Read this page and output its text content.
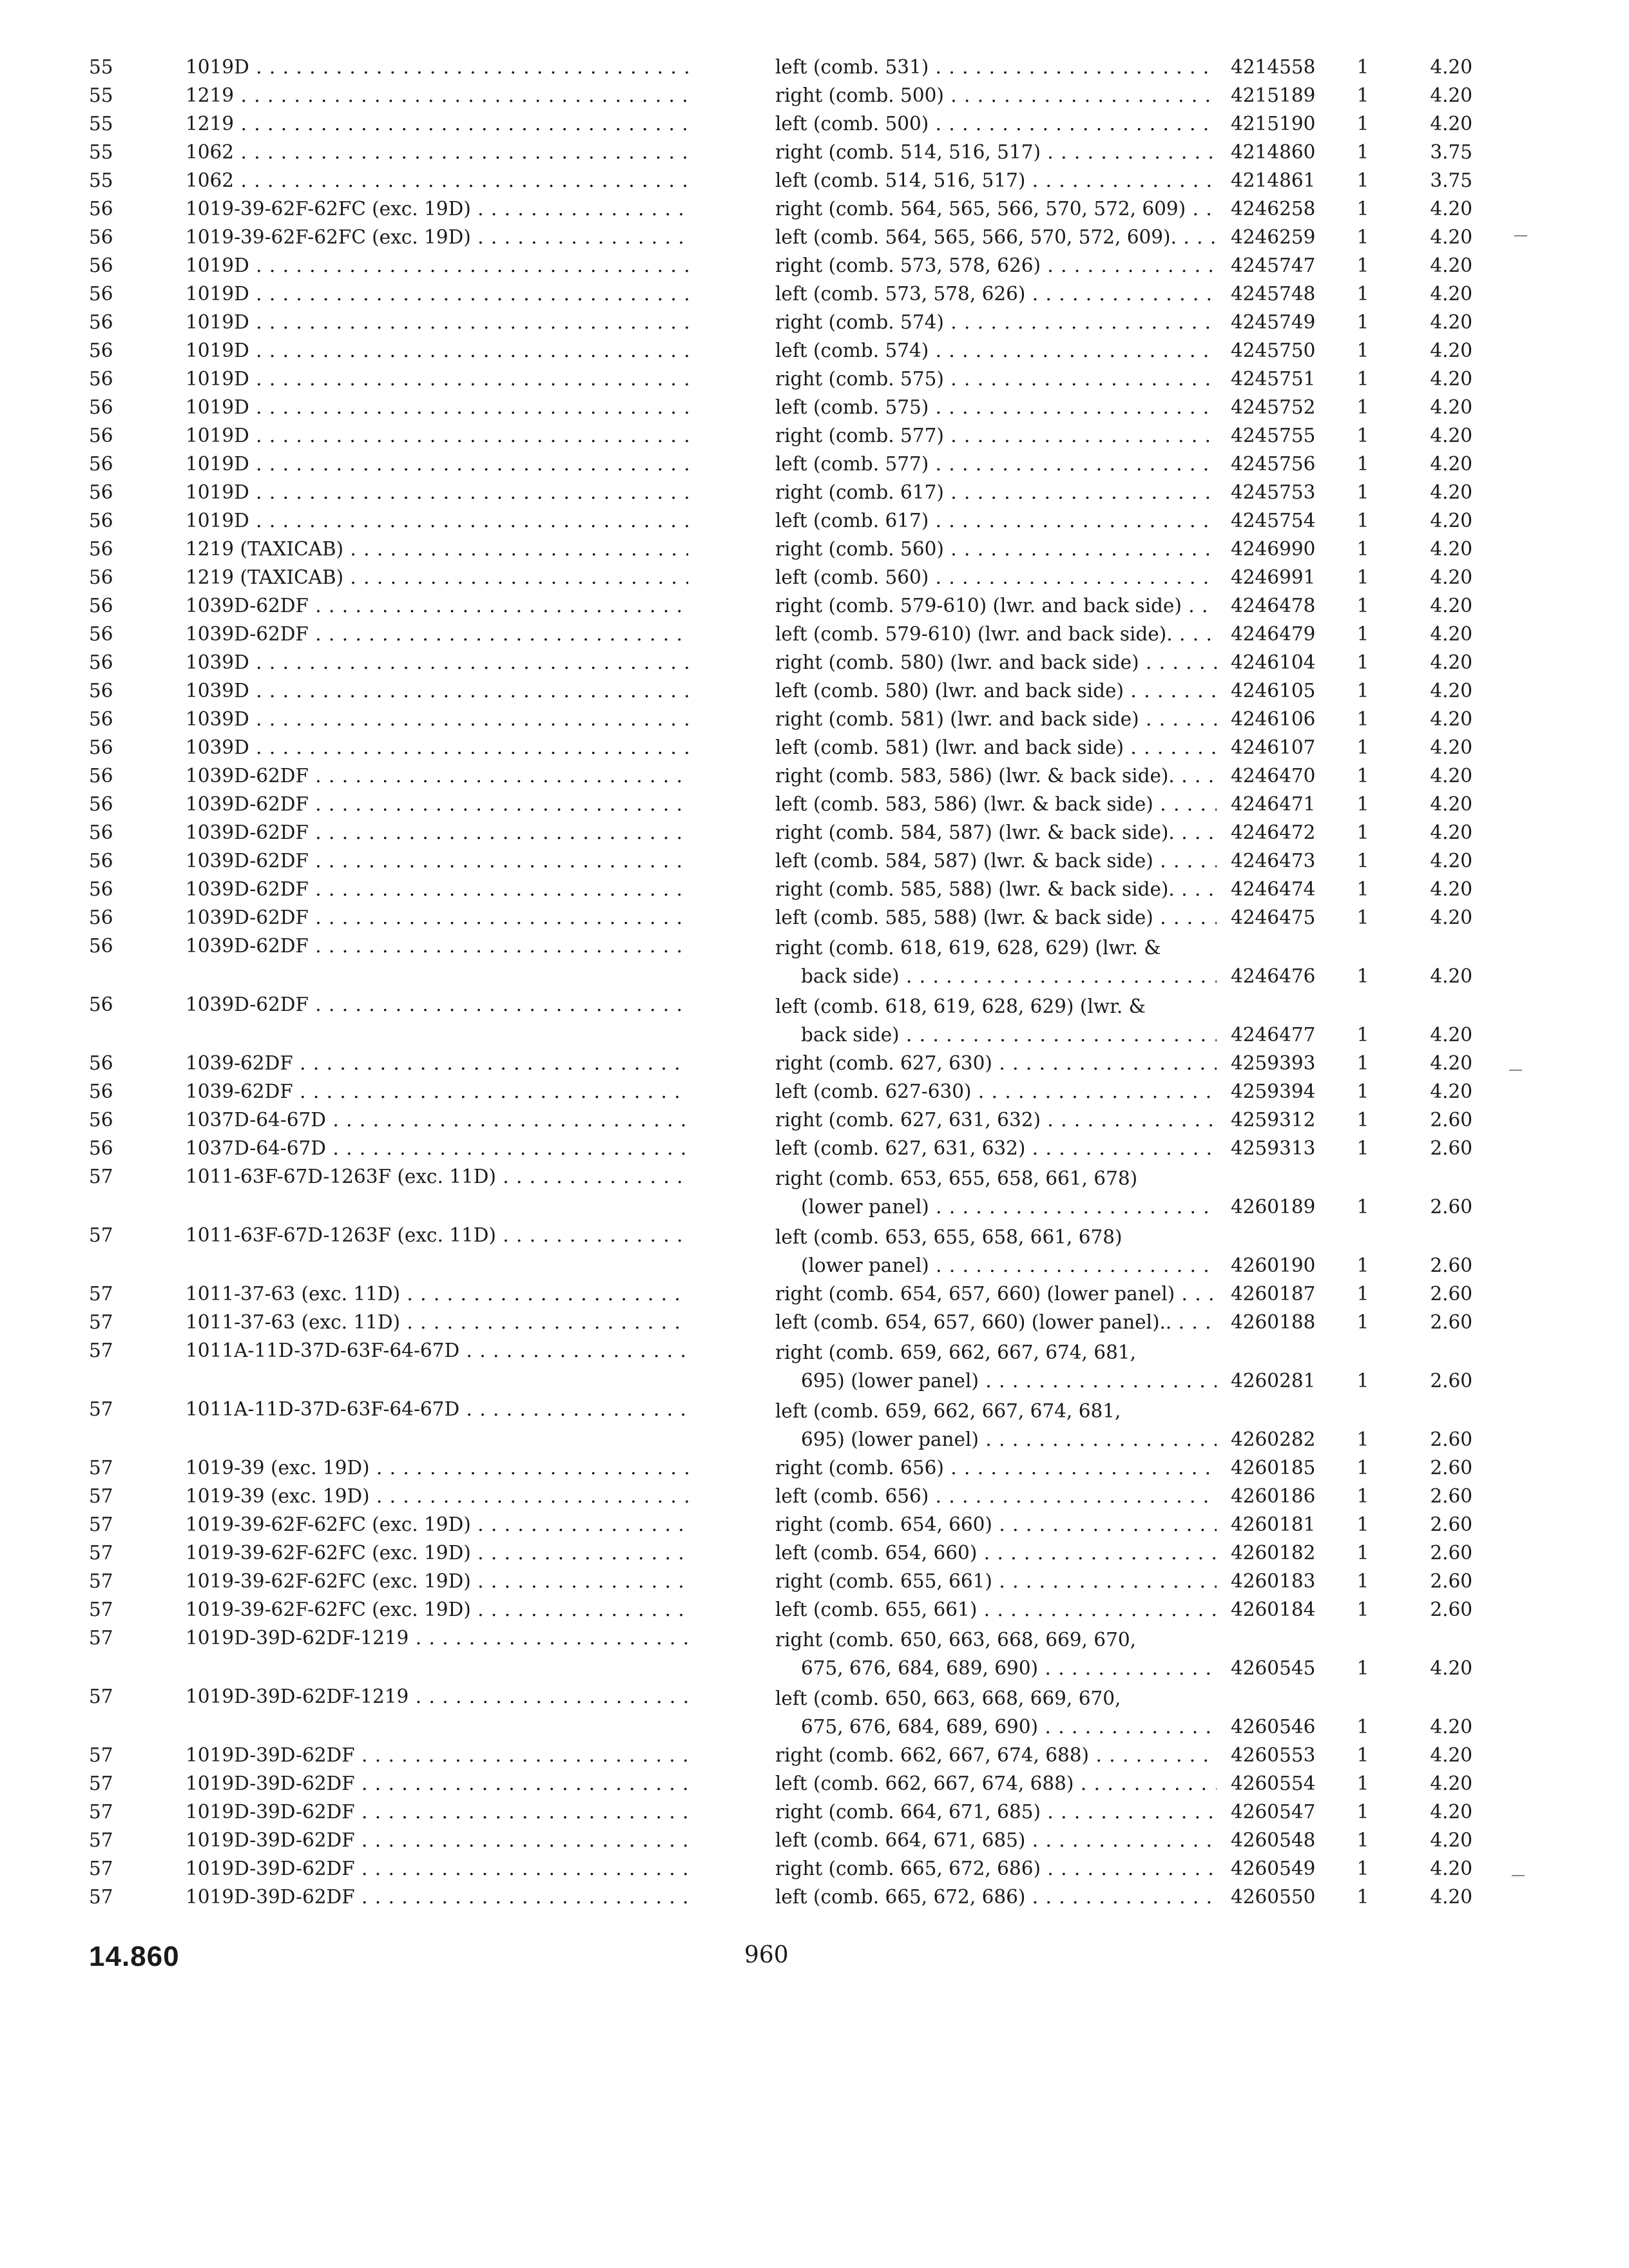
55	1019D . . .	left (comb. 531) . . .	4214558	1	4.20
55	1219 . . .	right (comb. 500) . . .	4215189	1	4.20
55	1219 . . .	left (comb. 500) . . .	4215190	1	4.20
55	1062 . . .	right (comb. 514, 516, 517) . . .	4214860	1	3.75
55	1062 . . .	left (comb. 514, 516, 517) . . .	4214861	1	3.75
56	1019-39-62F-62FC (exc. 19D) . . .	right (comb. 564, 565, 566, 570, 572, 609) . . .	4246258	1	4.20
56	1019-39-62F-62FC (exc. 19D) . . .	left (comb. 564, 565, 566, 570, 572, 609). . . .	4246259	1	4.20
56	1019D . . .	right (comb. 573, 578, 626) . . .	4245747	1	4.20
56	1019D . . .	left (comb. 573, 578, 626) . . .	4245748	1	4.20
56	1019D . . .	right (comb. 574) . . .	4245749	1	4.20
56	1019D . . .	left (comb. 574) . . .	4245750	1	4.20
56	1019D . . .	right (comb. 575) . . .	4245751	1	4.20
56	1019D . . .	left (comb. 575) . . .	4245752	1	4.20
56	1019D . . .	right (comb. 577) . . .	4245755	1	4.20
56	1019D . . .	left (comb. 577) . . .	4245756	1	4.20
56	1019D . . .	right (comb. 617) . . .	4245753	1	4.20
56	1019D . . .	left (comb. 617) . . .	4245754	1	4.20
56	1219 (TAXICAB) . . .	right (comb. 560) . . .	4246990	1	4.20
56	1219 (TAXICAB) . . .	left (comb. 560) . . .	4246991	1	4.20
56	1039D-62DF . . .	right (comb. 579-610) (lwr. and back side) . . .	4246478	1	4.20
56	1039D-62DF . . .	left (comb. 579-610) (lwr. and back side). . . .	4246479	1	4.20
56	1039D . . .	right (comb. 580) (lwr. and back side) . . .	4246104	1	4.20
56	1039D . . .	left (comb. 580) (lwr. and back side) . . .	4246105	1	4.20
56	1039D . . .	right (comb. 581) (lwr. and back side) . . .	4246106	1	4.20
56	1039D . . .	left (comb. 581) (lwr. and back side) . . .	4246107	1	4.20
56	1039D-62DF . . .	right (comb. 583, 586) (lwr. & back side). . . .	4246470	1	4.20
56	1039D-62DF . . .	left (comb. 583, 586) (lwr. & back side) . . .	4246471	1	4.20
56	1039D-62DF . . .	right (comb. 584, 587) (lwr. & back side). . . .	4246472	1	4.20
56	1039D-62DF . . .	left (comb. 584, 587) (lwr. & back side) . . .	4246473	1	4.20
56	1039D-62DF . . .	right (comb. 585, 588) (lwr. & back side). . . .	4246474	1	4.20
56	1039D-62DF . . .	left (comb. 585, 588) (lwr. & back side) . . .	4246475	1	4.20
56	1039D-62DF . . .	right (comb. 618, 619, 628, 629) (lwr. &
back side) . . .	4246476	1	4.20
56	1039D-62DF . . .	left (comb. 618, 619, 628, 629) (lwr. &
back side) . . .	4246477	1	4.20
56	1039-62DF . . .	right (comb. 627, 630) . . .	4259393	1	4.20
56	1039-62DF . . .	left (comb. 627-630) . . .	4259394	1	4.20
56	1037D-64-67D . . .	right (comb. 627, 631, 632) . . .	4259312	1	2.60
56	1037D-64-67D . . .	left (comb. 627, 631, 632) . . .	4259313	1	2.60
57	1011-63F-67D-1263F (exc. 11D) . . .	right (comb. 653, 655, 658, 661, 678)
(lower panel) . . .	4260189	1	2.60
57	1011-63F-67D-1263F (exc. 11D) . . .	left (comb. 653, 655, 658, 661, 678)
(lower panel) . . .	4260190	1	2.60
57	1011-37-63 (exc. 11D) . . .	right (comb. 654, 657, 660) (lower panel) . . .	4260187	1	2.60
57	1011-37-63 (exc. 11D) . . .	left (comb. 654, 657, 660) (lower panel).. . . .	4260188	1	2.60
57	1011A-11D-37D-63F-64-67D . . .	right (comb. 659, 662, 667, 674, 681,
695) (lower panel) . . .	4260281	1	2.60
57	1011A-11D-37D-63F-64-67D . . .	left (comb. 659, 662, 667, 674, 681,
695) (lower panel) . . .	4260282	1	2.60
57	1019-39 (exc. 19D) . . .	right (comb. 656) . . .	4260185	1	2.60
57	1019-39 (exc. 19D) . . .	left (comb. 656) . . .	4260186	1	2.60
57	1019-39-62F-62FC (exc. 19D) . . .	right (comb. 654, 660) . . .	4260181	1	2.60
57	1019-39-62F-62FC (exc. 19D) . . .	left (comb. 654, 660) . . .	4260182	1	2.60
57	1019-39-62F-62FC (exc. 19D) . . .	right (comb. 655, 661) . . .	4260183	1	2.60
57	1019-39-62F-62FC (exc. 19D) . . .	left (comb. 655, 661) . . .	4260184	1	2.60
57	1019D-39D-62DF-1219 . . .	right (comb. 650, 663, 668, 669, 670,
675, 676, 684, 689, 690) . . .	4260545	1	4.20
57	1019D-39D-62DF-1219 . . .	left (comb. 650, 663, 668, 669, 670,
675, 676, 684, 689, 690) . . .	4260546	1	4.20
57	1019D-39D-62DF . . .	right (comb. 662, 667, 674, 688) . . .	4260553	1	4.20
57	1019D-39D-62DF . . .	left (comb. 662, 667, 674, 688) . . .	4260554	1	4.20
57	1019D-39D-62DF . . .	right (comb. 664, 671, 685) . . .	4260547	1	4.20
57	1019D-39D-62DF . . .	left (comb. 664, 671, 685) . . .	4260548	1	4.20
57	1019D-39D-62DF . . .	right (comb. 665, 672, 686) . . .	4260549	1	4.20
57	1019D-39D-62DF . . .	left (comb. 665, 672, 686) . . .	4260550	1	4.20
14.860	960
